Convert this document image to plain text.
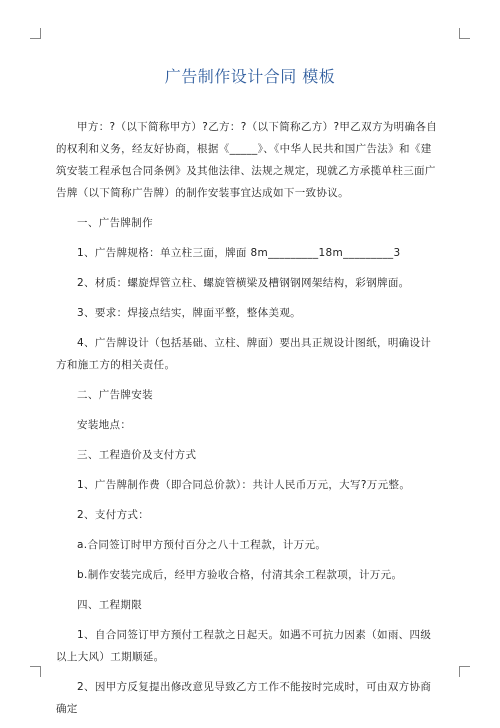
广告制作设计合同 模板

甲方：?（以下简称甲方）?乙方：?（以下简称乙方）?甲乙双方为明确各自的权利和义务，经友好协商，根据《_____》、《中华人民共和国广告法》和《建筑安装工程承包合同条例》及其他法律、法规之规定，现就乙方承揽单柱三面广告牌（以下简称广告牌）的制作安装事宜达成如下一致协议。

一、广告牌制作

1、广告牌规格：单立柱三面，牌面 8m_________18m_________3

2、材质：螺旋焊管立柱、螺旋管横梁及槽钢钢网架结构，彩钢牌面。

3、要求：焊接点结实，牌面平整，整体美观。

4、广告牌设计（包括基础、立柱、牌面）要出具正规设计图纸，明确设计方和施工方的相关责任。

二、广告牌安装

安装地点：

三、工程造价及支付方式

1、广告牌制作费（即合同总价款）：共计人民币万元，大写?万元整。

2、支付方式：

a.合同签订时甲方预付百分之八十工程款，计万元。

b.制作安装完成后，经甲方验收合格，付清其余工程款项，计万元。

四、工程期限

1、自合同签订甲方预付工程款之日起天。如遇不可抗力因素（如雨、四级以上大风）工期顺延。

2、因甲方反复提出修改意见导致乙方工作不能按时完成时，可由双方协商确定
